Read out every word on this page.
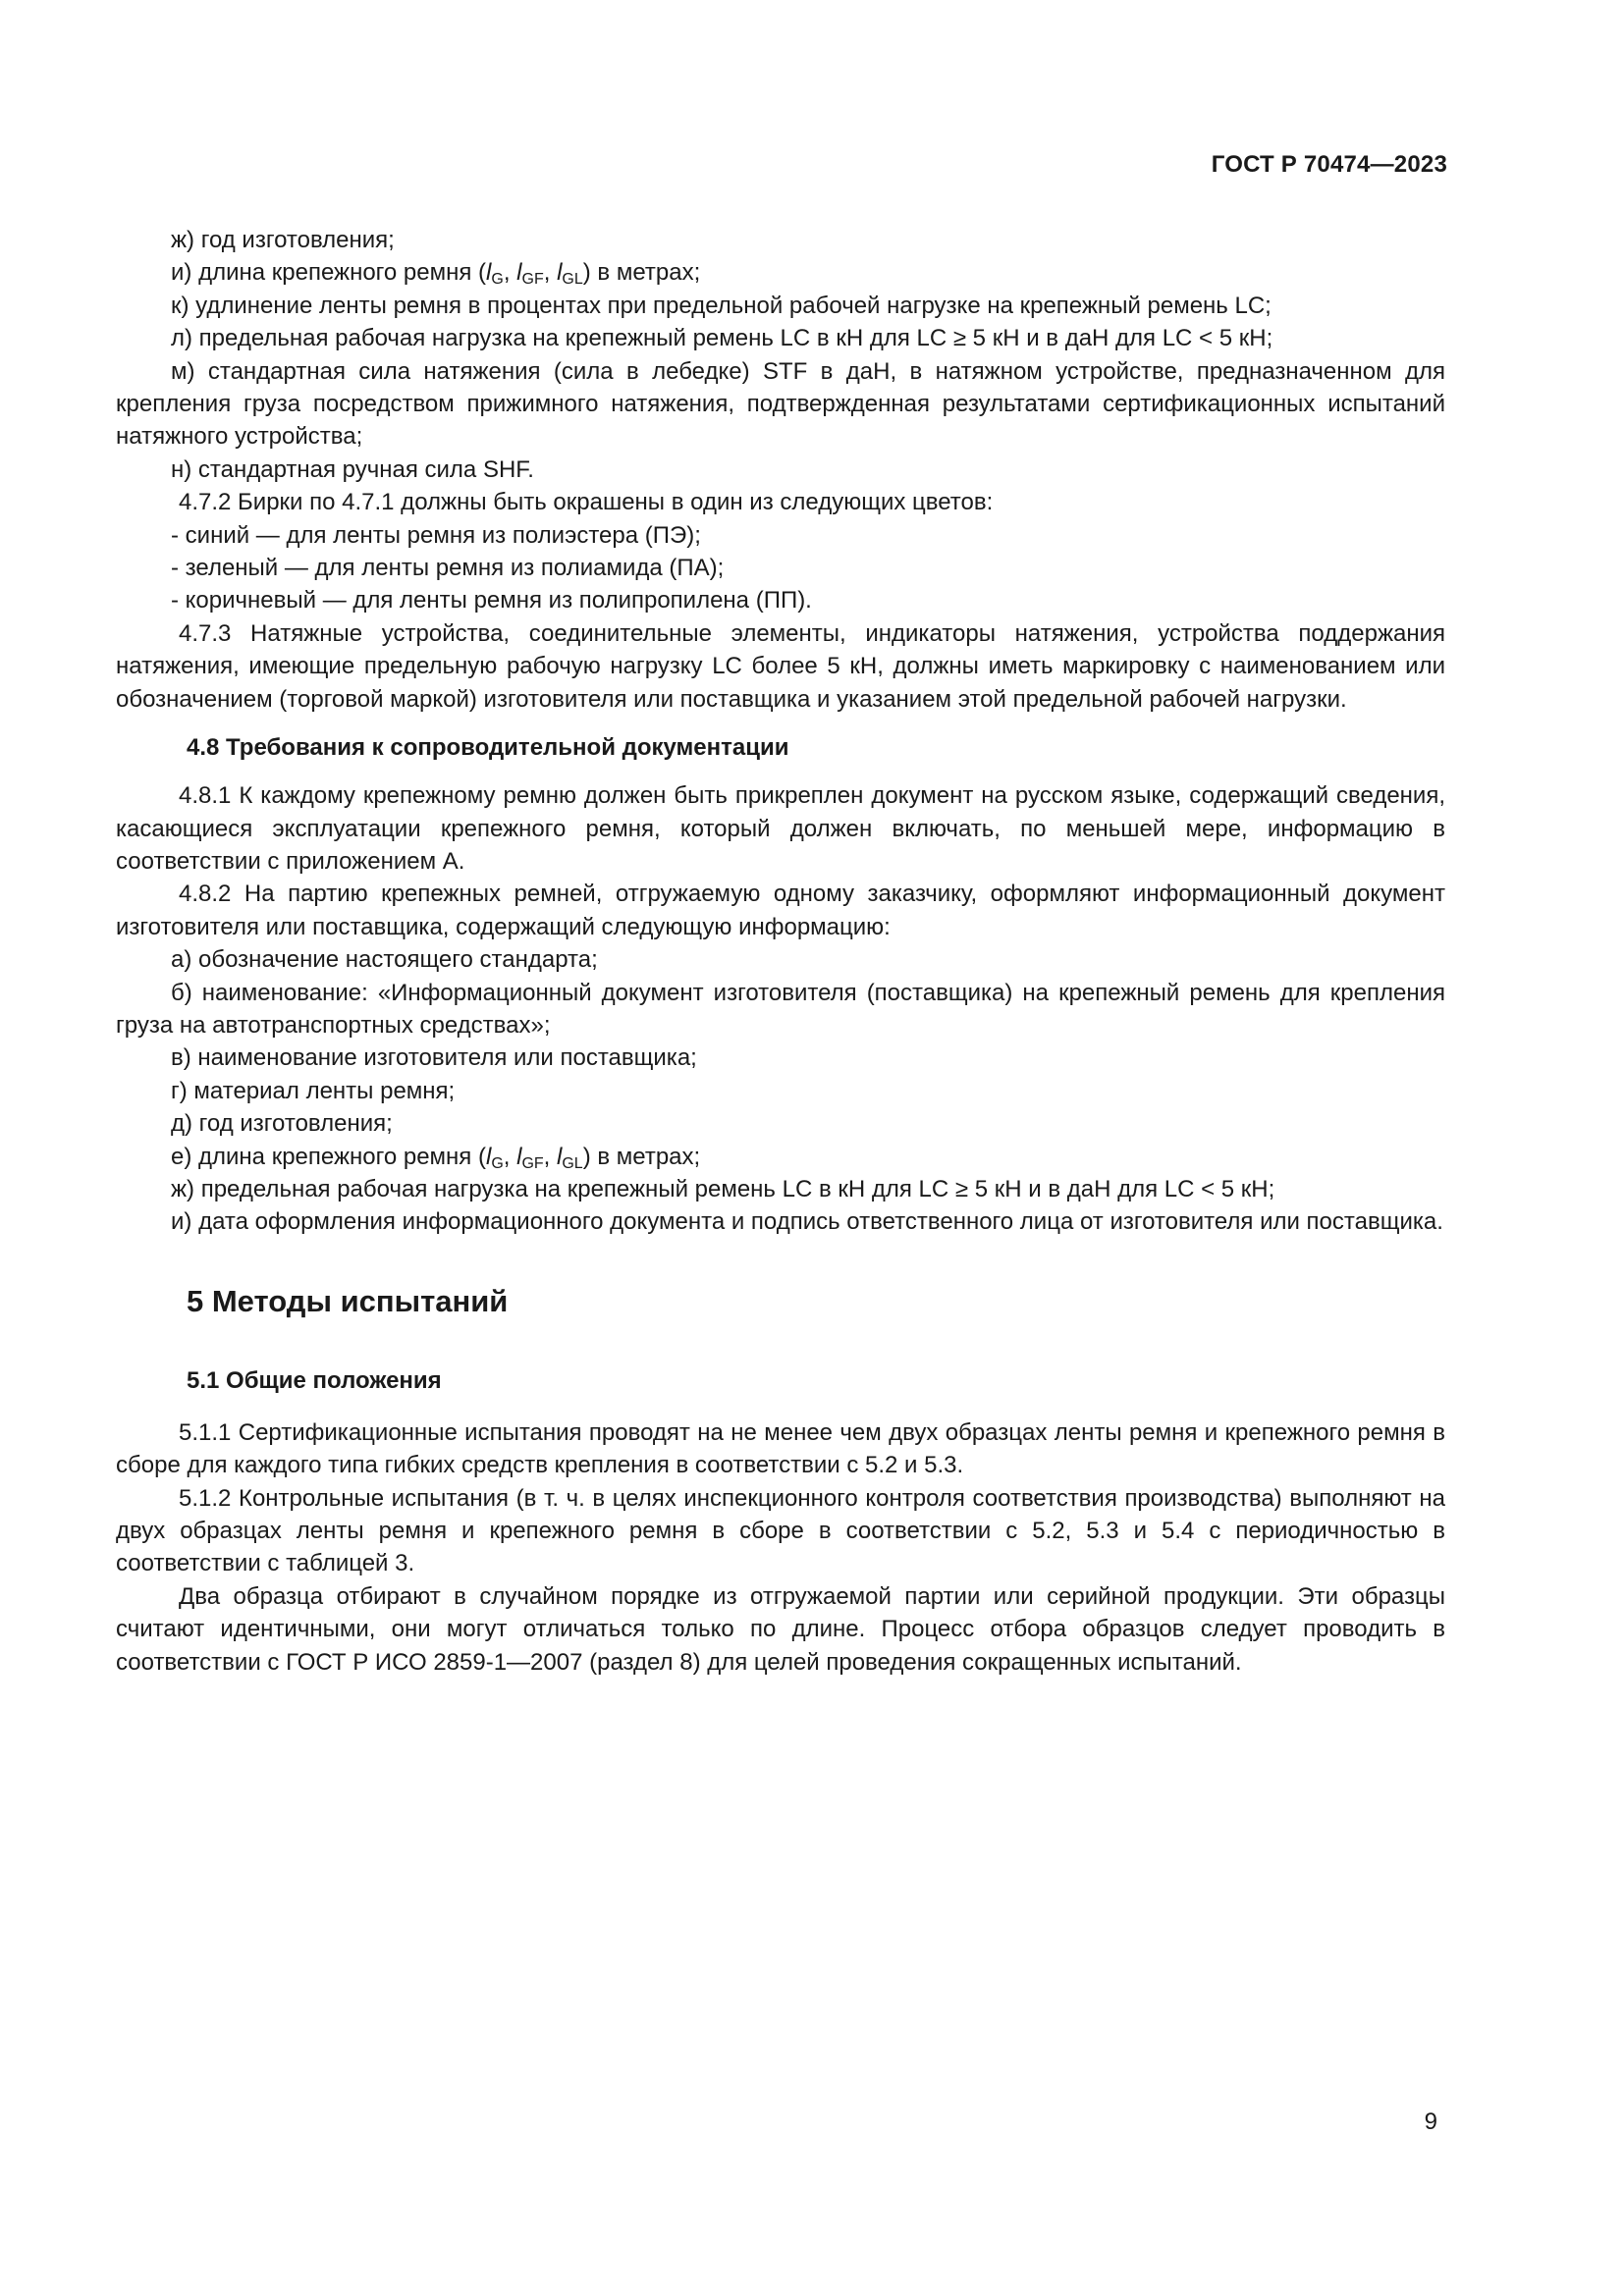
ГОСТ Р 70474—2023

ж) год изготовления;

и) длина крепежного ремня ($l_G$, $l_{GF}$, $l_{GL}$) в метрах;

к) удлинение ленты ремня в процентах при предельной рабочей нагрузке на крепежный ремень LC;

л) предельная рабочая нагрузка на крепежный ремень LC в кН для LC ≥ 5 кН и в даН для LC < 5 кН;

м) стандартная сила натяжения (сила в лебедке) STF в даН, в натяжном устройстве, предназначенном для крепления груза посредством прижимного натяжения, подтвержденная результатами сертификационных испытаний натяжного устройства;

н) стандартная ручная сила SHF.

4.7.2 Бирки по 4.7.1 должны быть окрашены в один из следующих цветов:

- синий — для ленты ремня из полиэстера (ПЭ);

- зеленый — для ленты ремня из полиамида (ПА);

- коричневый — для ленты ремня из полипропилена (ПП).

4.7.3 Натяжные устройства, соединительные элементы, индикаторы натяжения, устройства поддержания натяжения, имеющие предельную рабочую нагрузку LC более 5 кН, должны иметь маркировку с наименованием или обозначением (торговой маркой) изготовителя или поставщика и указанием этой предельной рабочей нагрузки.

4.8 Требования к сопроводительной документации

4.8.1 К каждому крепежному ремню должен быть прикреплен документ на русском языке, содержащий сведения, касающиеся эксплуатации крепежного ремня, который должен включать, по меньшей мере, информацию в соответствии с приложением А.

4.8.2 На партию крепежных ремней, отгружаемую одному заказчику, оформляют информационный документ изготовителя или поставщика, содержащий следующую информацию:

а) обозначение настоящего стандарта;

б) наименование: «Информационный документ изготовителя (поставщика) на крепежный ремень для крепления груза на автотранспортных средствах»;

в) наименование изготовителя или поставщика;

г) материал ленты ремня;

д) год изготовления;

е) длина крепежного ремня ($l_G$, $l_{GF}$, $l_{GL}$) в метрах;

ж) предельная рабочая нагрузка на крепежный ремень LC в кН для LC ≥ 5 кН и в даН для LC < 5 кН;

и) дата оформления информационного документа и подпись ответственного лица от изготовителя или поставщика.

5 Методы испытаний
5.1 Общие положения

5.1.1 Сертификационные испытания проводят на не менее чем двух образцах ленты ремня и крепежного ремня в сборе для каждого типа гибких средств крепления в соответствии с 5.2 и 5.3.

5.1.2 Контрольные испытания (в т. ч. в целях инспекционного контроля соответствия производства) выполняют на двух образцах ленты ремня и крепежного ремня в сборе в соответствии с 5.2, 5.3 и 5.4 с периодичностью в соответствии с таблицей 3.

Два образца отбирают в случайном порядке из отгружаемой партии или серийной продукции. Эти образцы считают идентичными, они могут отличаться только по длине. Процесс отбора образцов следует проводить в соответствии с ГОСТ Р ИСО 2859-1—2007 (раздел 8) для целей проведения сокращенных испытаний.

9
